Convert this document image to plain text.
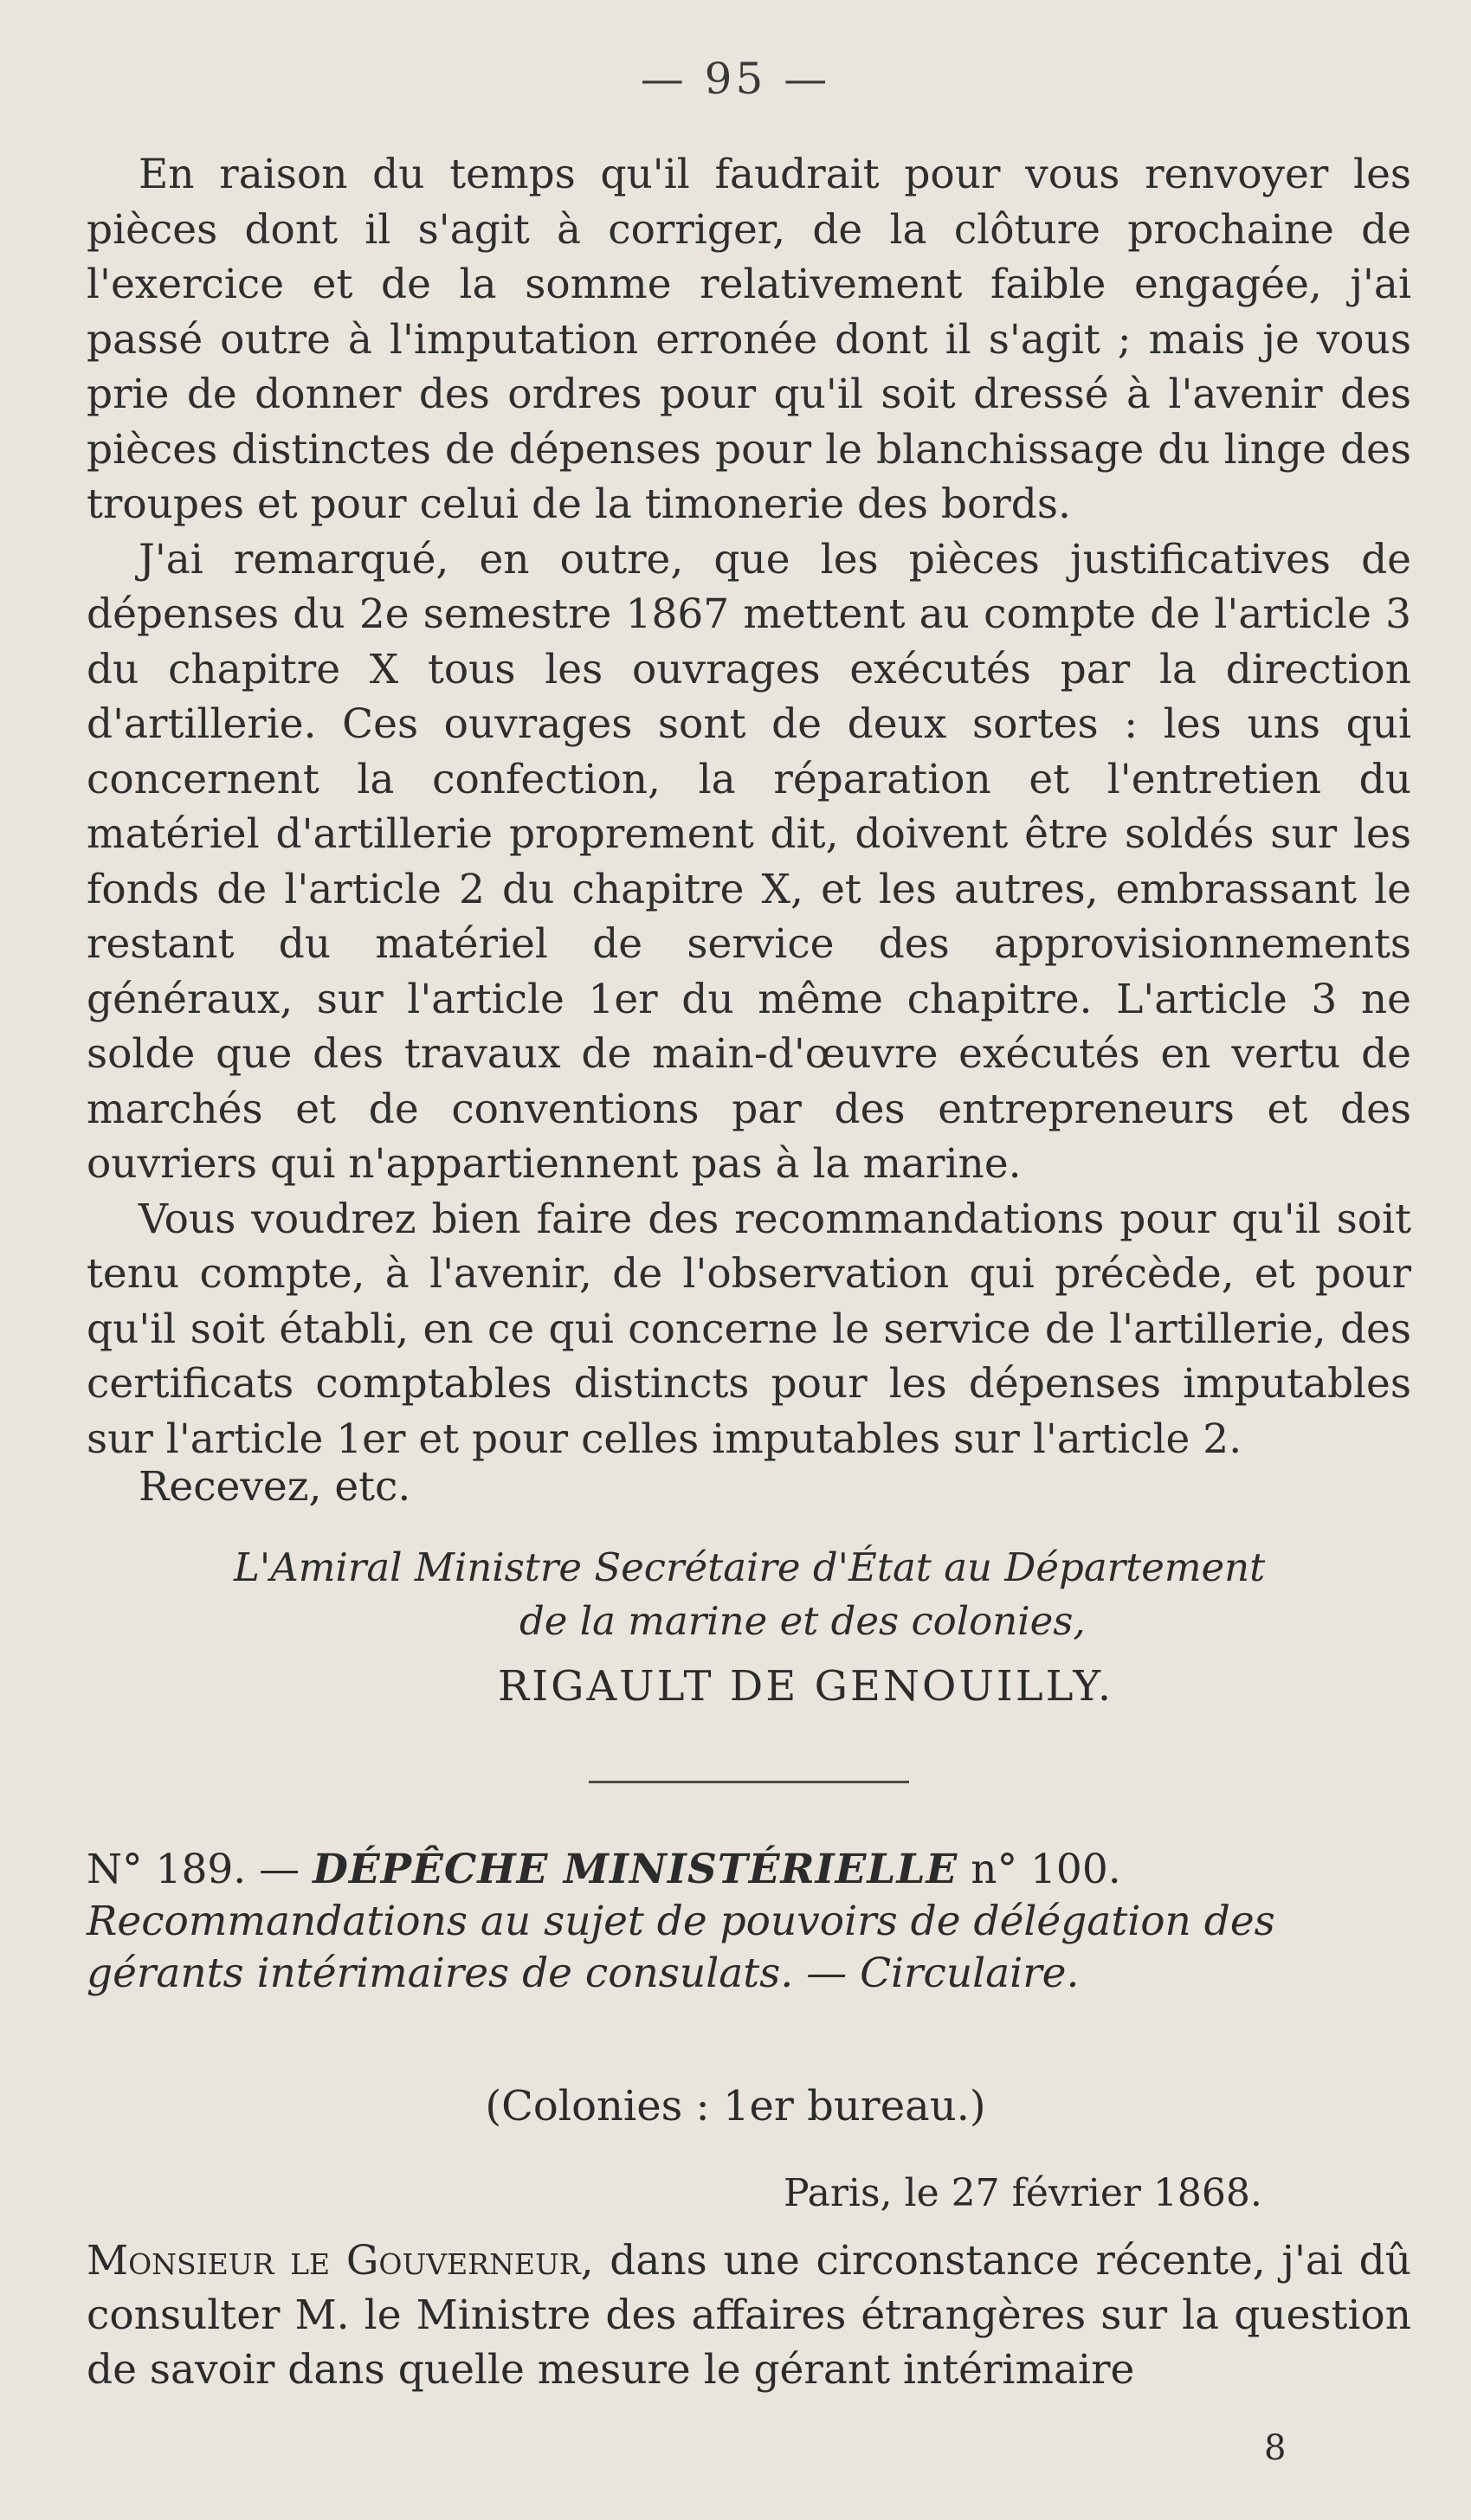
— 95 —

En raison du temps qu'il faudrait pour vous renvoyer les pièces dont il s'agit à corriger, de la clôture prochaine de l'exercice et de la somme relativement faible engagée, j'ai passé outre à l'imputation erronée dont il s'agit ; mais je vous prie de donner des ordres pour qu'il soit dressé à l'avenir des pièces distinctes de dépenses pour le blanchissage du linge des troupes et pour celui de la timonerie des bords.

J'ai remarqué, en outre, que les pièces justificatives de dépenses du 2e semestre 1867 mettent au compte de l'article 3 du chapitre X tous les ouvrages exécutés par la direction d'artillerie. Ces ouvrages sont de deux sortes : les uns qui concernent la confection, la réparation et l'entretien du matériel d'artillerie proprement dit, doivent être soldés sur les fonds de l'article 2 du chapitre X, et les autres, embrassant le restant du matériel de service des approvisionnements généraux, sur l'article 1er du même chapitre. L'article 3 ne solde que des travaux de main-d'œuvre exécutés en vertu de marchés et de conventions par des entrepreneurs et des ouvriers qui n'appartiennent pas à la marine.

Vous voudrez bien faire des recommandations pour qu'il soit tenu compte, à l'avenir, de l'observation qui précède, et pour qu'il soit établi, en ce qui concerne le service de l'artillerie, des certificats comptables distincts pour les dépenses imputables sur l'article 1er et pour celles imputables sur l'article 2.

Recevez, etc.
L'Amiral Ministre Secrétaire d'État au Département
de la marine et des colonies,
RIGAULT DE GENOUILLY.
N° 189. — DÉPÊCHE MINISTÉRIELLE n° 100. Recommandations au sujet de pouvoirs de délégation des gérants intérimaires de consulats. — Circulaire.
(Colonies : 1er bureau.)
Paris, le 27 février 1868.
Monsieur le Gouverneur, dans une circonstance récente, j'ai dû consulter M. le Ministre des affaires étrangères sur la question de savoir dans quelle mesure le gérant intérimaire
8
